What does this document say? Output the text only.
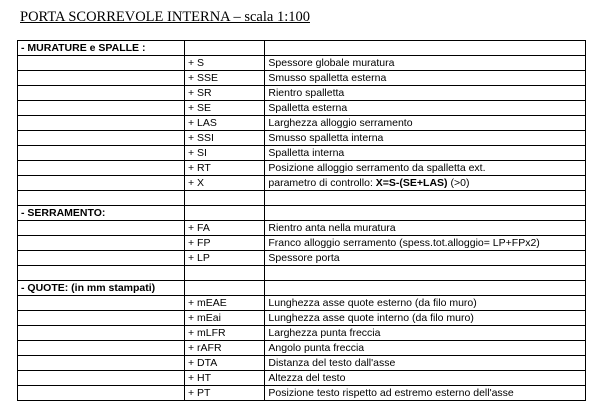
PORTA SCORREVOLE INTERNA – scala 1:100
- MURATURE e SPALLE :		
	+ S	Spessore globale muratura
	+ SSE	Smusso spalletta esterna
	+ SR	Rientro spalletta
	+ SE	Spalletta esterna
	+ LAS	Larghezza alloggio serramento
	+ SSI	Smusso spalletta interna
	+ SI	Spalletta interna
	+ RT	Posizione alloggio serramento da spalletta ext.
	+ X	parametro di controllo: X=S-(SE+LAS) (>0)

- SERRAMENTO:		
	+ FA	Rientro anta nella muratura
	+ FP	Franco alloggio serramento (spess.tot.alloggio= LP+FPx2)
	+ LP	Spessore porta

- QUOTE: (in mm stampati)		
	+ mEAE	Lunghezza asse quote esterno (da filo muro)
	+ mEai	Lunghezza asse quote interno (da filo muro)
	+ mLFR	Larghezza punta freccia
	+ rAFR	Angolo punta freccia
	+ DTA	Distanza del testo dall'asse
	+ HT	Altezza del testo
	+ PT	Posizione testo rispetto ad estremo esterno dell'asse
